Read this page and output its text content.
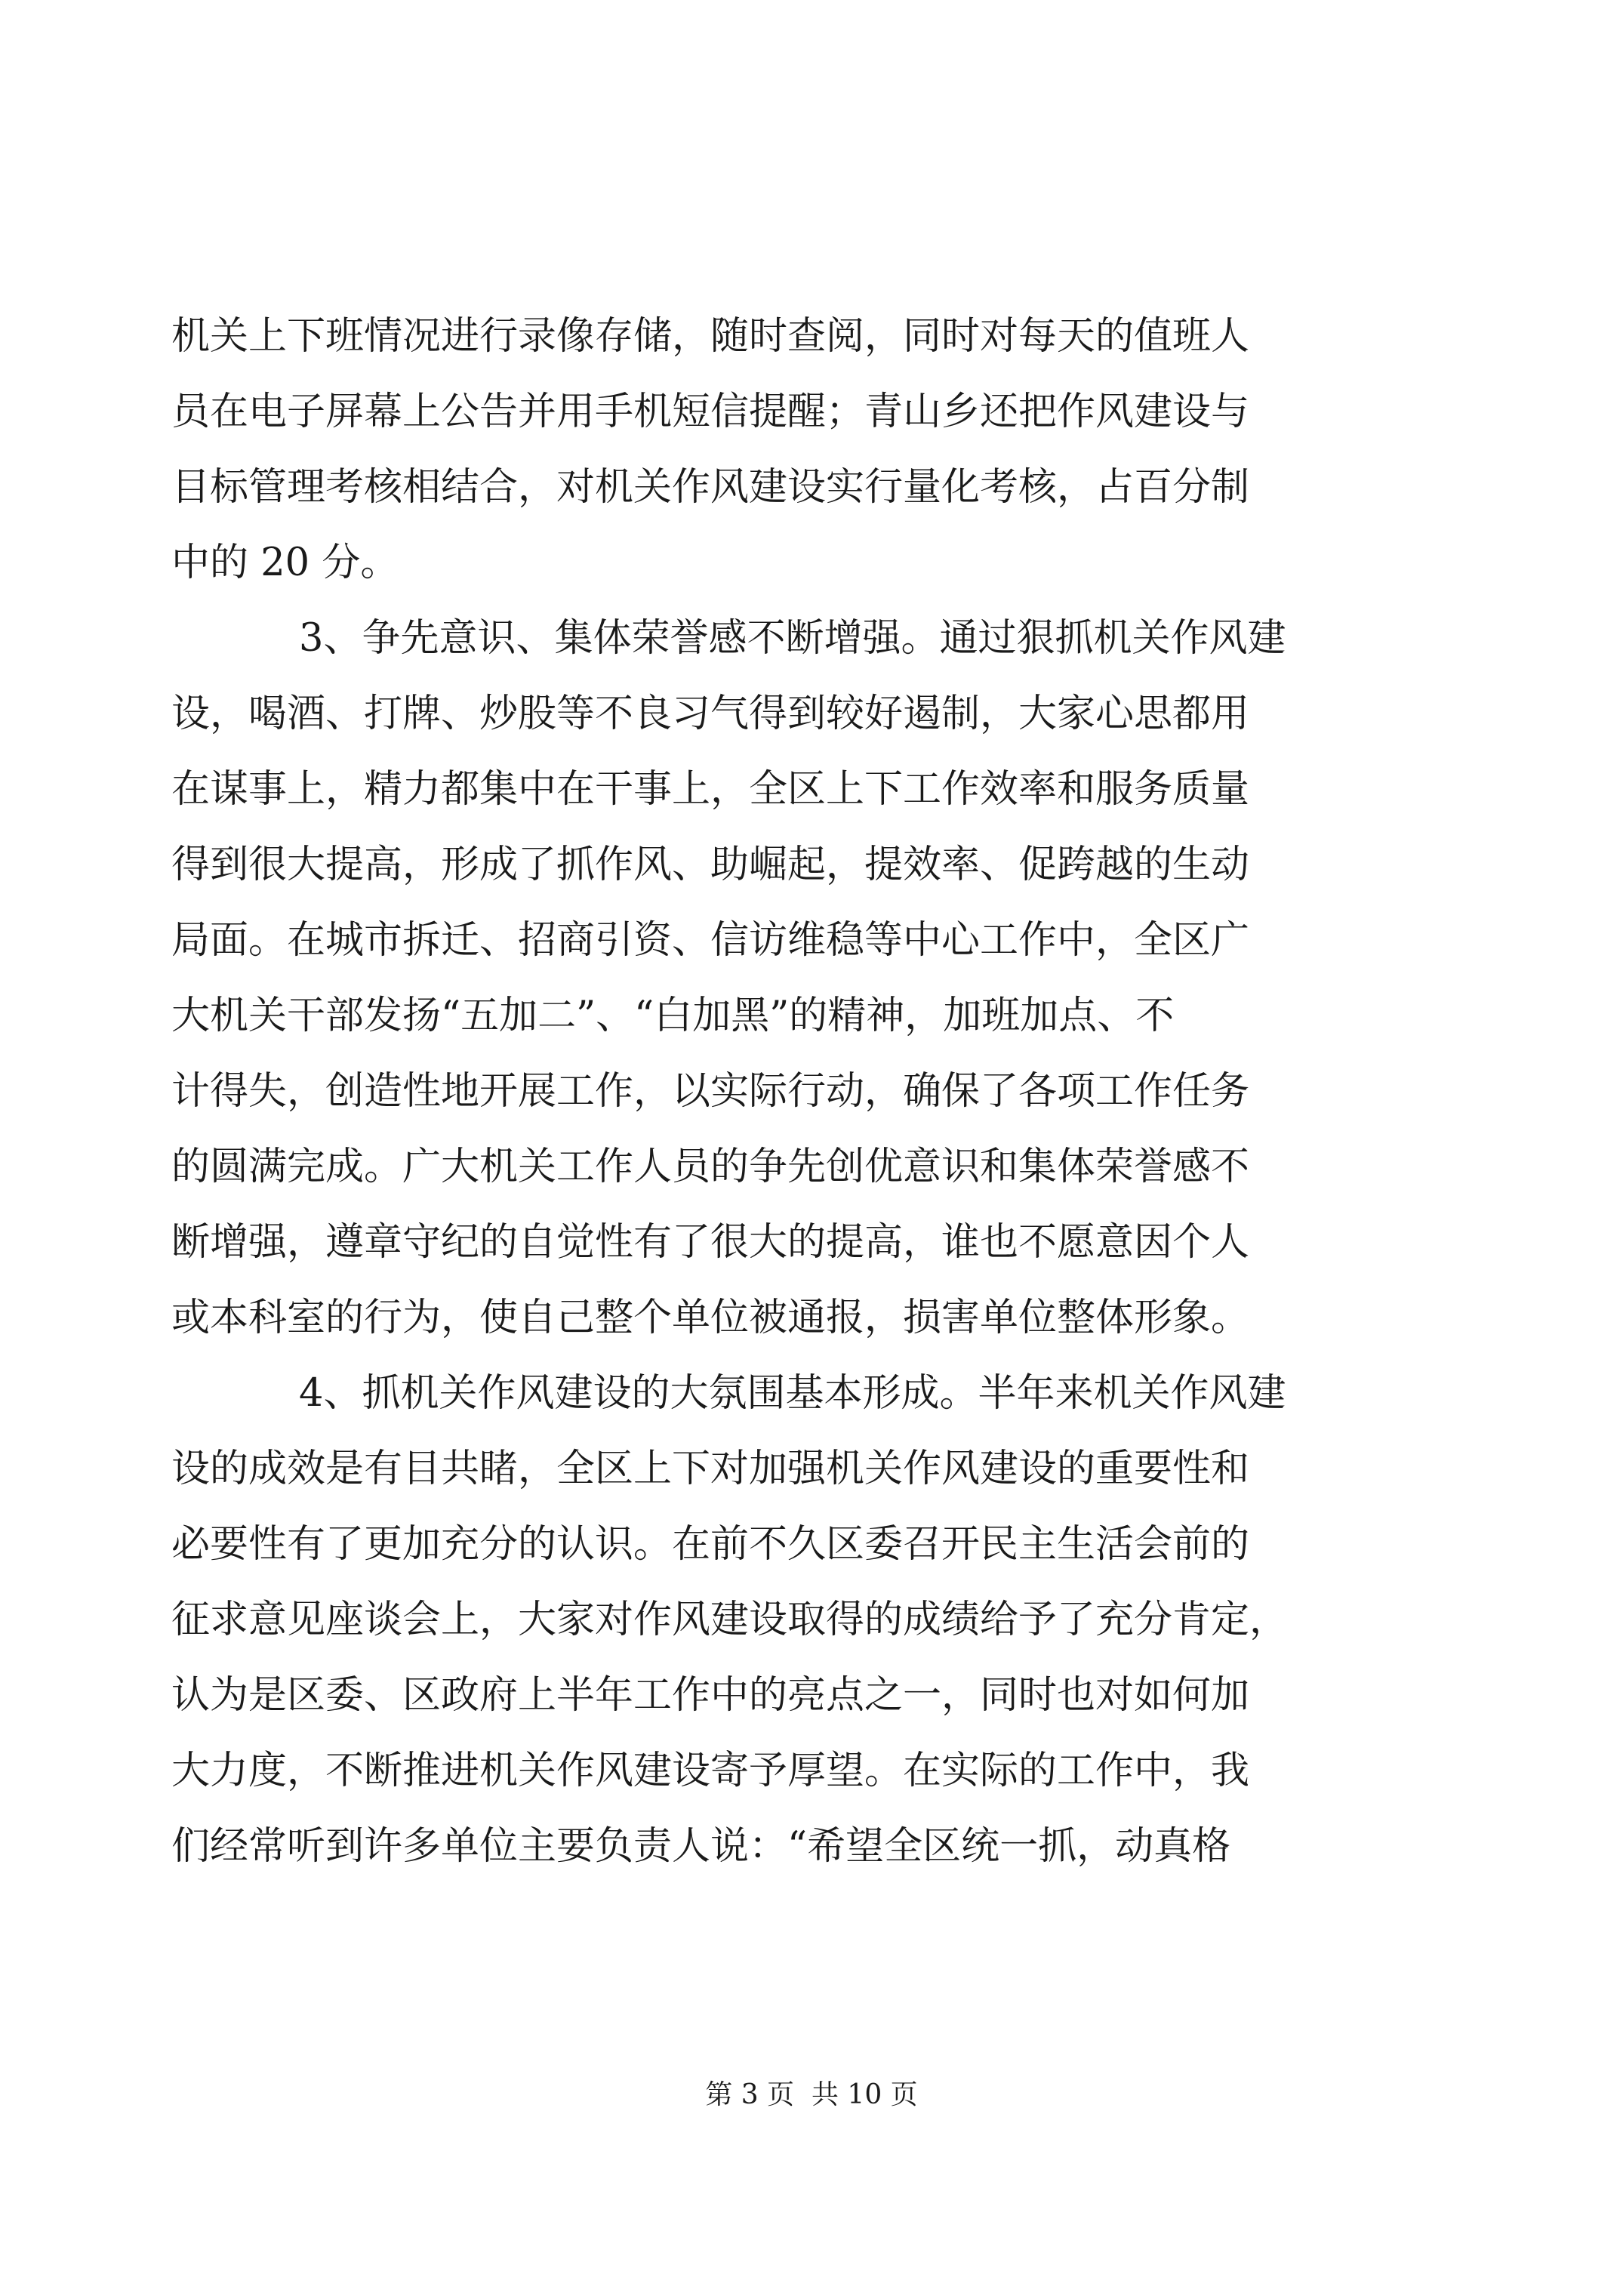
机关上下班情况进行录像存储，随时查阅，同时对每天的值班人
员在电子屏幕上公告并用手机短信提醒；青山乡还把作风建设与
目标管理考核相结合，对机关作风建设实行量化考核，占百分制
中的 20 分。
3、争先意识、集体荣誉感不断增强。通过狠抓机关作风建
设，喝酒、打牌、炒股等不良习气得到较好遏制，大家心思都用
在谋事上，精力都集中在干事上，全区上下工作效率和服务质量
得到很大提高，形成了抓作风、助崛起，提效率、促跨越的生动
局面。在城市拆迁、招商引资、信访维稳等中心工作中，全区广
大机关干部发扬“五加二”、“白加黑”的精神，加班加点、不
计得失，创造性地开展工作，以实际行动，确保了各项工作任务
的圆满完成。广大机关工作人员的争先创优意识和集体荣誉感不
断增强，遵章守纪的自觉性有了很大的提高，谁也不愿意因个人
或本科室的行为，使自己整个单位被通报，损害单位整体形象。
4、抓机关作风建设的大氛围基本形成。半年来机关作风建
设的成效是有目共睹，全区上下对加强机关作风建设的重要性和
必要性有了更加充分的认识。在前不久区委召开民主生活会前的
征求意见座谈会上，大家对作风建设取得的成绩给予了充分肯定，
认为是区委、区政府上半年工作中的亮点之一，同时也对如何加
大力度，不断推进机关作风建设寄予厚望。在实际的工作中，我
们经常听到许多单位主要负责人说：“希望全区统一抓，动真格
第 3 页  共 10 页
